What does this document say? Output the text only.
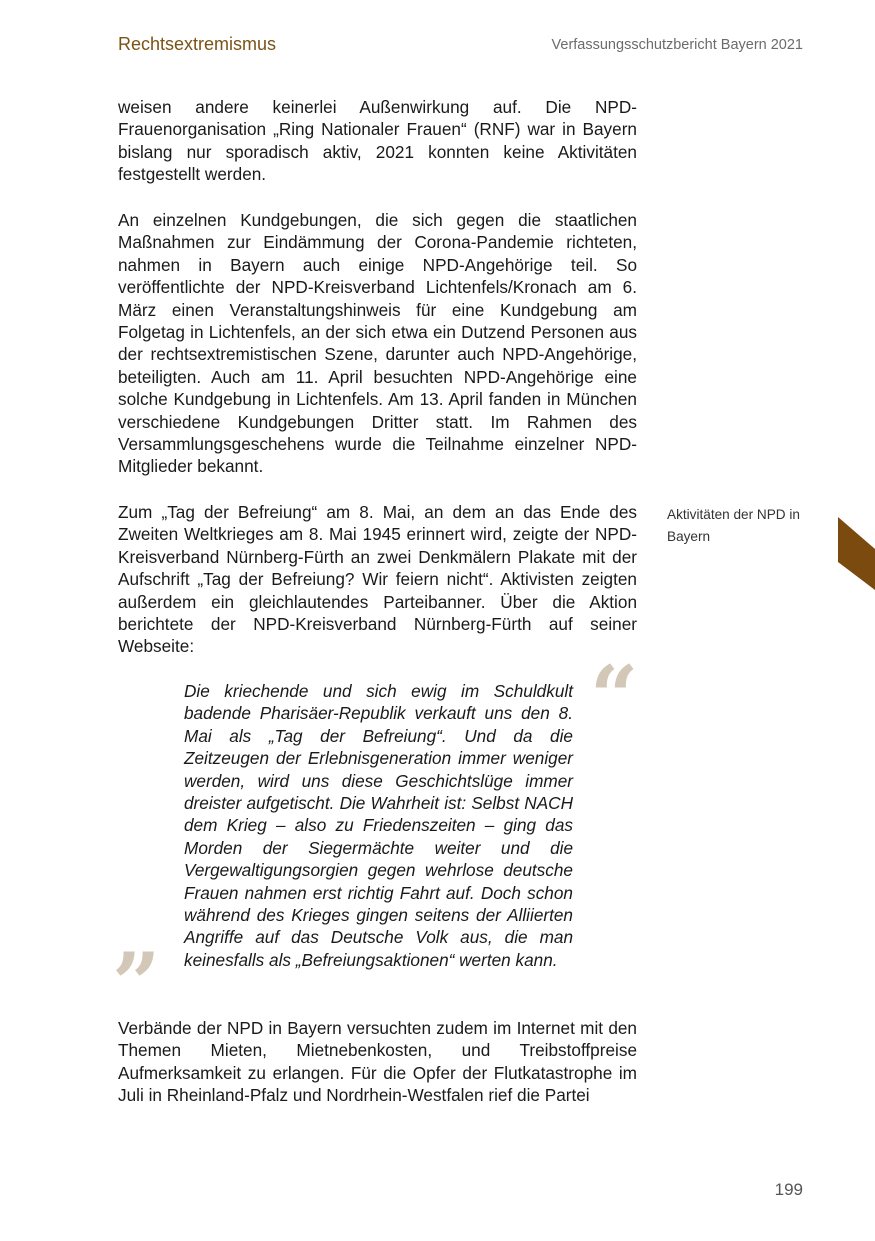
Rechtsextremismus	Verfassungsschutzbericht Bayern 2021

weisen andere keinerlei Außenwirkung auf. Die NPD-Frauenorganisation „Ring Nationaler Frauen“ (RNF) war in Bayern bislang nur sporadisch aktiv, 2021 konnten keine Aktivitäten festgestellt werden.

An einzelnen Kundgebungen, die sich gegen die staatlichen Maßnahmen zur Eindämmung der Corona-Pandemie richteten, nahmen in Bayern auch einige NPD-Angehörige teil. So veröffentlichte der NPD-Kreisverband Lichtenfels/Kronach am 6. März einen Veranstaltungshinweis für eine Kundgebung am Folgetag in Lichtenfels, an der sich etwa ein Dutzend Personen aus der rechtsextremistischen Szene, darunter auch NPD-Angehörige, beteiligten. Auch am 11. April besuchten NPD-Angehörige eine solche Kundgebung in Lichtenfels. Am 13. April fanden in München verschiedene Kundgebungen Dritter statt. Im Rahmen des Versammlungsgeschehens wurde die Teilnahme einzelner NPD-Mitglieder bekannt.

Zum „Tag der Befreiung“ am 8. Mai, an dem an das Ende des Zweiten Weltkrieges am 8. Mai 1945 erinnert wird, zeigte der NPD-Kreisverband Nürnberg-Fürth an zwei Denkmälern Plakate mit der Aufschrift „Tag der Befreiung? Wir feiern nicht“. Aktivisten zeigten außerdem ein gleichlautendes Parteibanner. Über die Aktion berichtete der NPD-Kreisverband Nürnberg-Fürth auf seiner Webseite:

Aktivitäten der NPD in Bayern
“

Die kriechende und sich ewig im Schuldkult badende Pharisäer-Republik verkauft uns den 8. Mai als „Tag der Befreiung“. Und da die Zeitzeugen der Erlebnisgeneration immer weniger werden, wird uns diese Geschichtslüge immer dreister aufgetischt. Die Wahrheit ist: Selbst NACH dem Krieg – also zu Friedenszeiten – ging das Morden der Siegermächte weiter und die Vergewaltigungsorgien gegen wehrlose deutsche Frauen nahmen erst richtig Fahrt auf. Doch schon während des Krieges gingen seitens der Alliierten Angriffe auf das Deutsche Volk aus, die man keinesfalls als „Befreiungsaktionen“ werten kann.

”

Verbände der NPD in Bayern versuchten zudem im Internet mit den Themen Mieten, Mietnebenkosten, und Treibstoffpreise Aufmerksamkeit zu erlangen. Für die Opfer der Flutkatastrophe im Juli in Rheinland-Pfalz und Nordrhein-Westfalen rief die Partei

199
